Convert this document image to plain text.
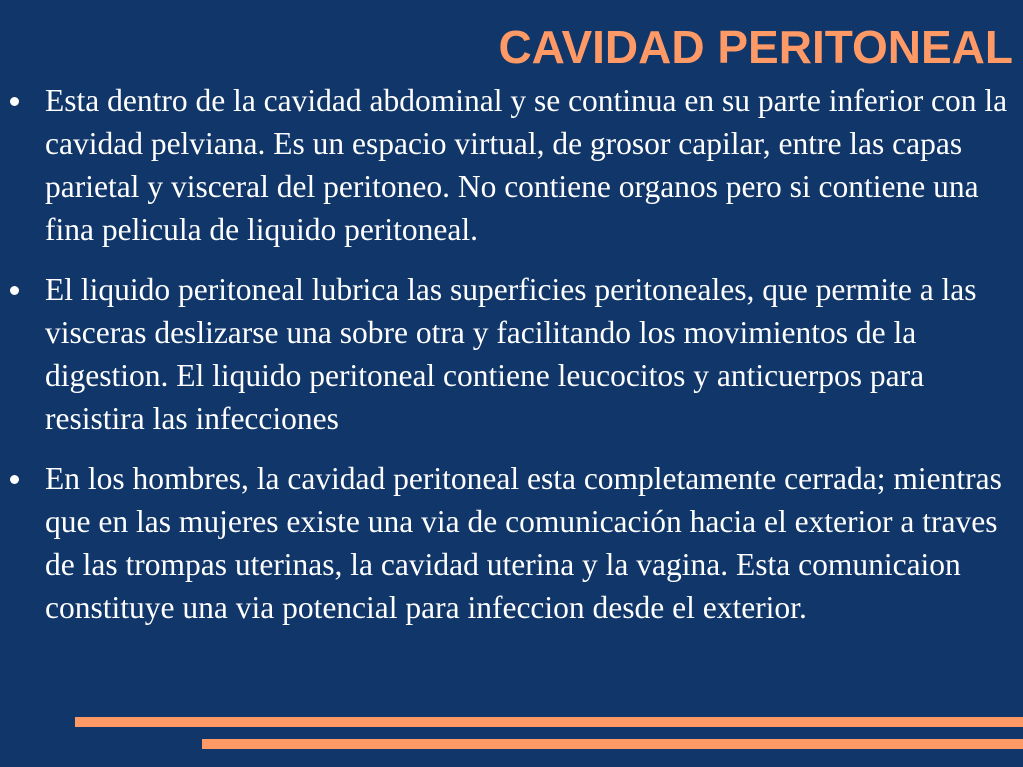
CAVIDAD PERITONEAL
Esta dentro de la cavidad abdominal y se continua en su parte inferior con la cavidad pelviana. Es un espacio virtual, de grosor capilar, entre las capas parietal y visceral del peritoneo. No contiene organos pero si contiene una fina pelicula de liquido peritoneal.
El liquido peritoneal lubrica las superficies peritoneales, que permite a las visceras deslizarse una sobre otra y facilitando los movimientos de la digestion. El liquido peritoneal contiene leucocitos y anticuerpos para resistira las infecciones
En los hombres, la cavidad peritoneal esta completamente cerrada; mientras que en las mujeres existe una via de comunicación hacia el exterior a traves de las trompas uterinas, la cavidad uterina y la vagina. Esta comunicaion constituye una via potencial para infeccion desde el exterior.
